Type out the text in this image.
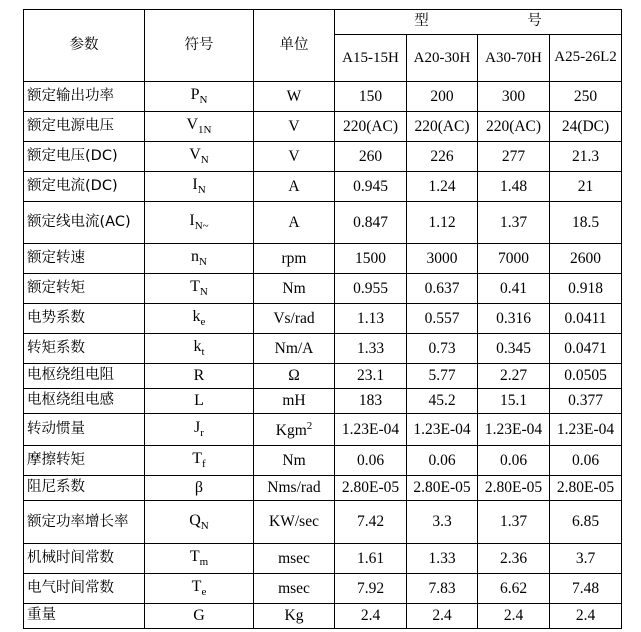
参数	符号	单位	型 号			

			A15-15H	A20-30H	A30-70H	A25-26L2
额定输出功率	$P_N$	W	150	200	300	250
额定电源电压	$V_{1N}$	V	220(AC)	220(AC)	220(AC)	24(DC)
额定电压(DC)	$V_N$	V	260	226	277	21.3
额定电流(DC)	$I_N$	A	0.945	1.24	1.48	21
额定线电流(AC)	$I_{N\sim}$	A	0.847	1.12	1.37	18.5
额定转速	$n_N$	rpm	1500	3000	7000	2600
额定转矩	$T_N$	Nm	0.955	0.637	0.41	0.918
电势系数	$k_e$	Vs/rad	1.13	0.557	0.316	0.0411
转矩系数	$k_t$	Nm/A	1.33	0.73	0.345	0.0471
电枢绕组电阻	R	Ω	23.1	5.77	2.27	0.0505
电枢绕组电感	L	mH	183	45.2	15.1	0.377
转动惯量	$J_r$	Kgm$^2$	1.23E-04	1.23E-04	1.23E-04	1.23E-04
摩擦转矩	$T_f$	Nm	0.06	0.06	0.06	0.06
阻尼系数	β	Nms/rad	2.80E-05	2.80E-05	2.80E-05	2.80E-05
额定功率增长率	$Q_N$	KW/sec	7.42	3.3	1.37	6.85
机械时间常数	$T_m$	msec	1.61	1.33	2.36	3.7
电气时间常数	$T_e$	msec	7.92	7.83	6.62	7.48
重量	G	Kg	2.4	2.4	2.4	2.4
